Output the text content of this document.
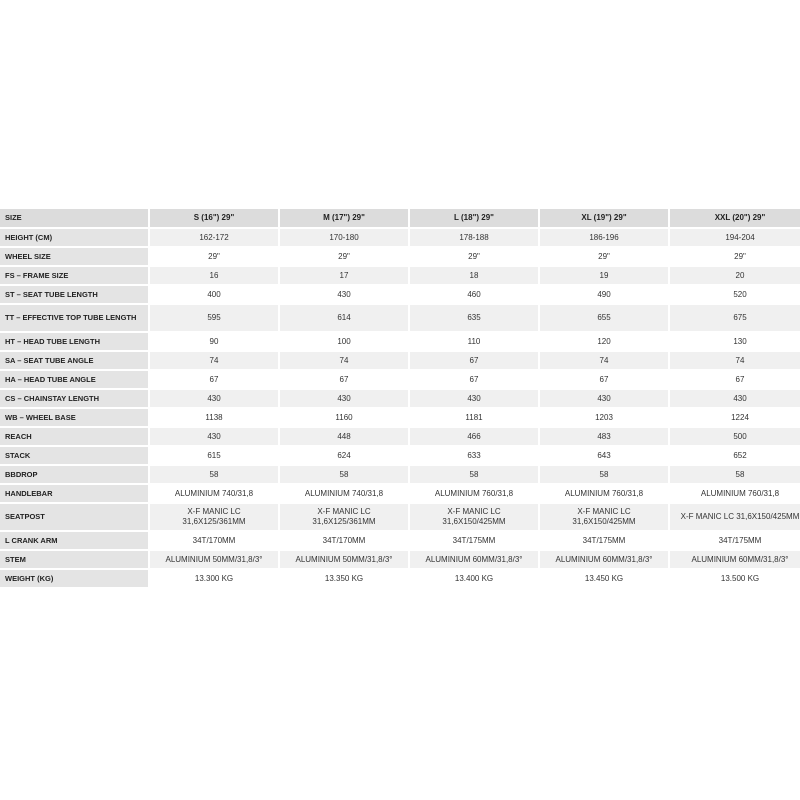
SIZE	S (16") 29"	M (17") 29"	L (18") 29"	XL (19") 29"	XXL (20") 29"
HEIGHT (CM)	162-172	170-180	178-188	186-196	194-204
WHEEL SIZE	29"	29"	29"	29"	29"
FS – FRAME SIZE	16	17	18	19	20
ST – SEAT TUBE LENGTH	400	430	460	490	520
TT – EFFECTIVE TOP TUBE LENGTH	595	614	635	655	675
HT – HEAD TUBE LENGTH	90	100	110	120	130
SA – SEAT TUBE ANGLE	74	74	67	74	74
HA – HEAD TUBE ANGLE	67	67	67	67	67
CS – CHAINSTAY LENGTH	430	430	430	430	430
WB – WHEEL BASE	1138	1160	1181	1203	1224
REACH	430	448	466	483	500
STACK	615	624	633	643	652
BBDROP	58	58	58	58	58
HANDLEBAR	ALUMINIUM 740/31,8	ALUMINIUM 740/31,8	ALUMINIUM 760/31,8	ALUMINIUM 760/31,8	ALUMINIUM 760/31,8
SEATPOST	X-F MANIC LC 31,6X125/361MM	X-F MANIC LC 31,6X125/361MM	X-F MANIC LC 31,6X150/425MM	X-F MANIC LC 31,6X150/425MM	X-F MANIC LC 31,6X150/425MM
L CRANK ARM	34T/170MM	34T/170MM	34T/175MM	34T/175MM	34T/175MM
STEM	ALUMINIUM 50MM/31,8/3°	ALUMINIUM 50MM/31,8/3°	ALUMINIUM 60MM/31,8/3°	ALUMINIUM 60MM/31,8/3°	ALUMINIUM 60MM/31,8/3°
WEIGHT (KG)	13.300 KG	13.350 KG	13.400 KG	13.450 KG	13.500 KG
